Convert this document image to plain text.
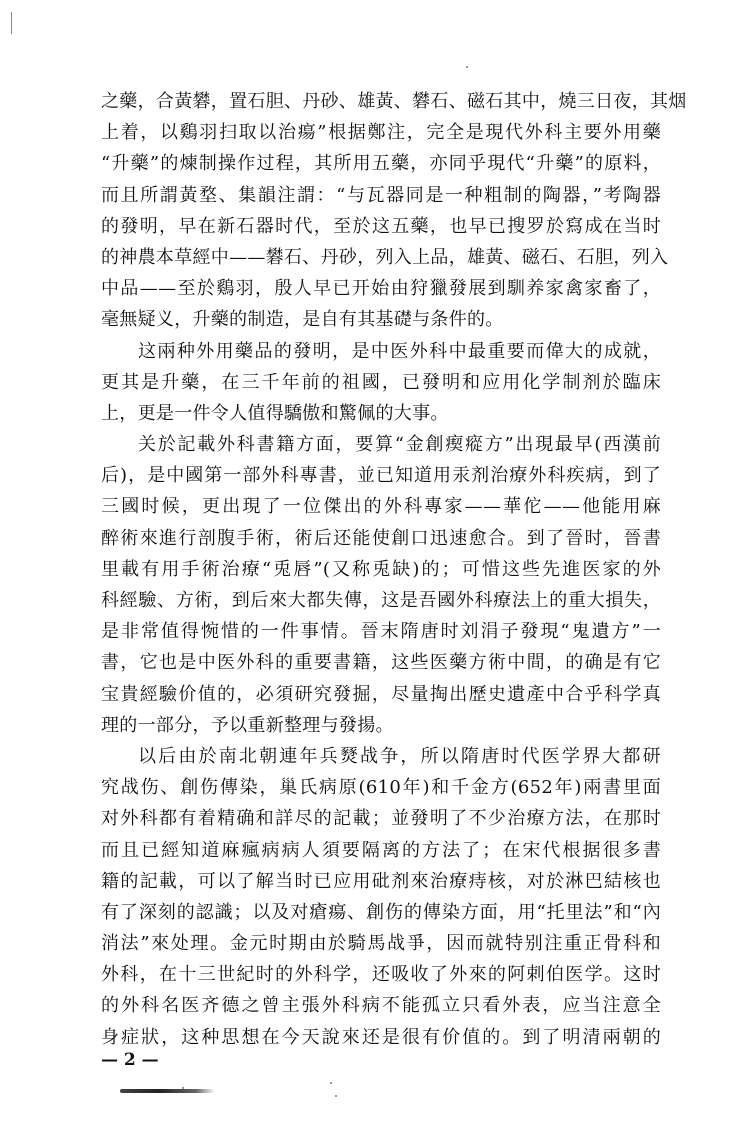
之藥，合黃礬，置石胆、丹砂、雄黃、礬石、磁石其中，燒三日夜，其烟
上着，以鷄羽扫取以治瘍”根据鄭注，完全是現代外科主要外用藥
“升藥”的煉制操作过程，其所用五藥，亦同乎現代“升藥”的原料，
而且所謂黃堥、集韻注謂：“与瓦器同是一种粗制的陶器，”考陶器
的發明，早在新石器时代，至於这五藥，也早已搜罗於寫成在当时
的神農本草經中——礬石、丹砂，列入上品，雄黃、磁石、石胆，列入
中品——至於鷄羽，殷人早已开始由狩獵發展到馴养家禽家畜了，
毫無疑义，升藥的制造，是自有其基礎与条件的。
这兩种外用藥品的發明，是中医外科中最重要而偉大的成就，
更其是升藥，在三千年前的祖國，已發明和应用化学制剂於臨床
上，更是一件令人值得驕傲和驚佩的大事。
关於記載外科書籍方面，要算“金創瘈瘲方”出現最早(西漢前
后)，是中國第一部外科專書，並已知道用汞剂治療外科疾病，到了
三國时候，更出現了一位傑出的外科專家——華佗——他能用麻
醉術來進行剖腹手術，術后还能使創口迅速愈合。到了晉时，晉書
里載有用手術治療“兎唇”(又称兎缺)的；可惜这些先進医家的外
科經驗、方術，到后來大都失傳，这是吾國外科療法上的重大損失，
是非常值得惋惜的一件事情。晉末隋唐时刘涓子發現“鬼遺方”一
書，它也是中医外科的重要書籍，这些医藥方術中間，的确是有它
宝貴經驗价值的，必須研究發掘，尽量掏出歷史遺產中合乎科学真
理的一部分，予以重新整理与發揚。
以后由於南北朝連年兵燹战争，所以隋唐时代医学界大都研
究战伤、創伤傳染，巢氏病原(610年)和千金方(652年)兩書里面
对外科都有着精确和詳尽的記載；並發明了不少治療方法，在那时
而且已經知道麻瘋病病人須要隔离的方法了；在宋代根据很多書
籍的記載，可以了解当时已应用砒剂來治療痔核，对於淋巴結核也
有了深刻的認識；以及对瘡瘍、創伤的傳染方面，用“托里法”和“內
消法”來处理。金元时期由於騎馬战爭，因而就特别注重正骨科和
外科，在十三世紀时的外科学，还吸收了外來的阿剌伯医学。这时
的外科名医齐德之曾主張外科病不能孤立只看外表，应当注意全
身症狀，这种思想在今天說來还是很有价值的。到了明清兩朝的
— 2 —
